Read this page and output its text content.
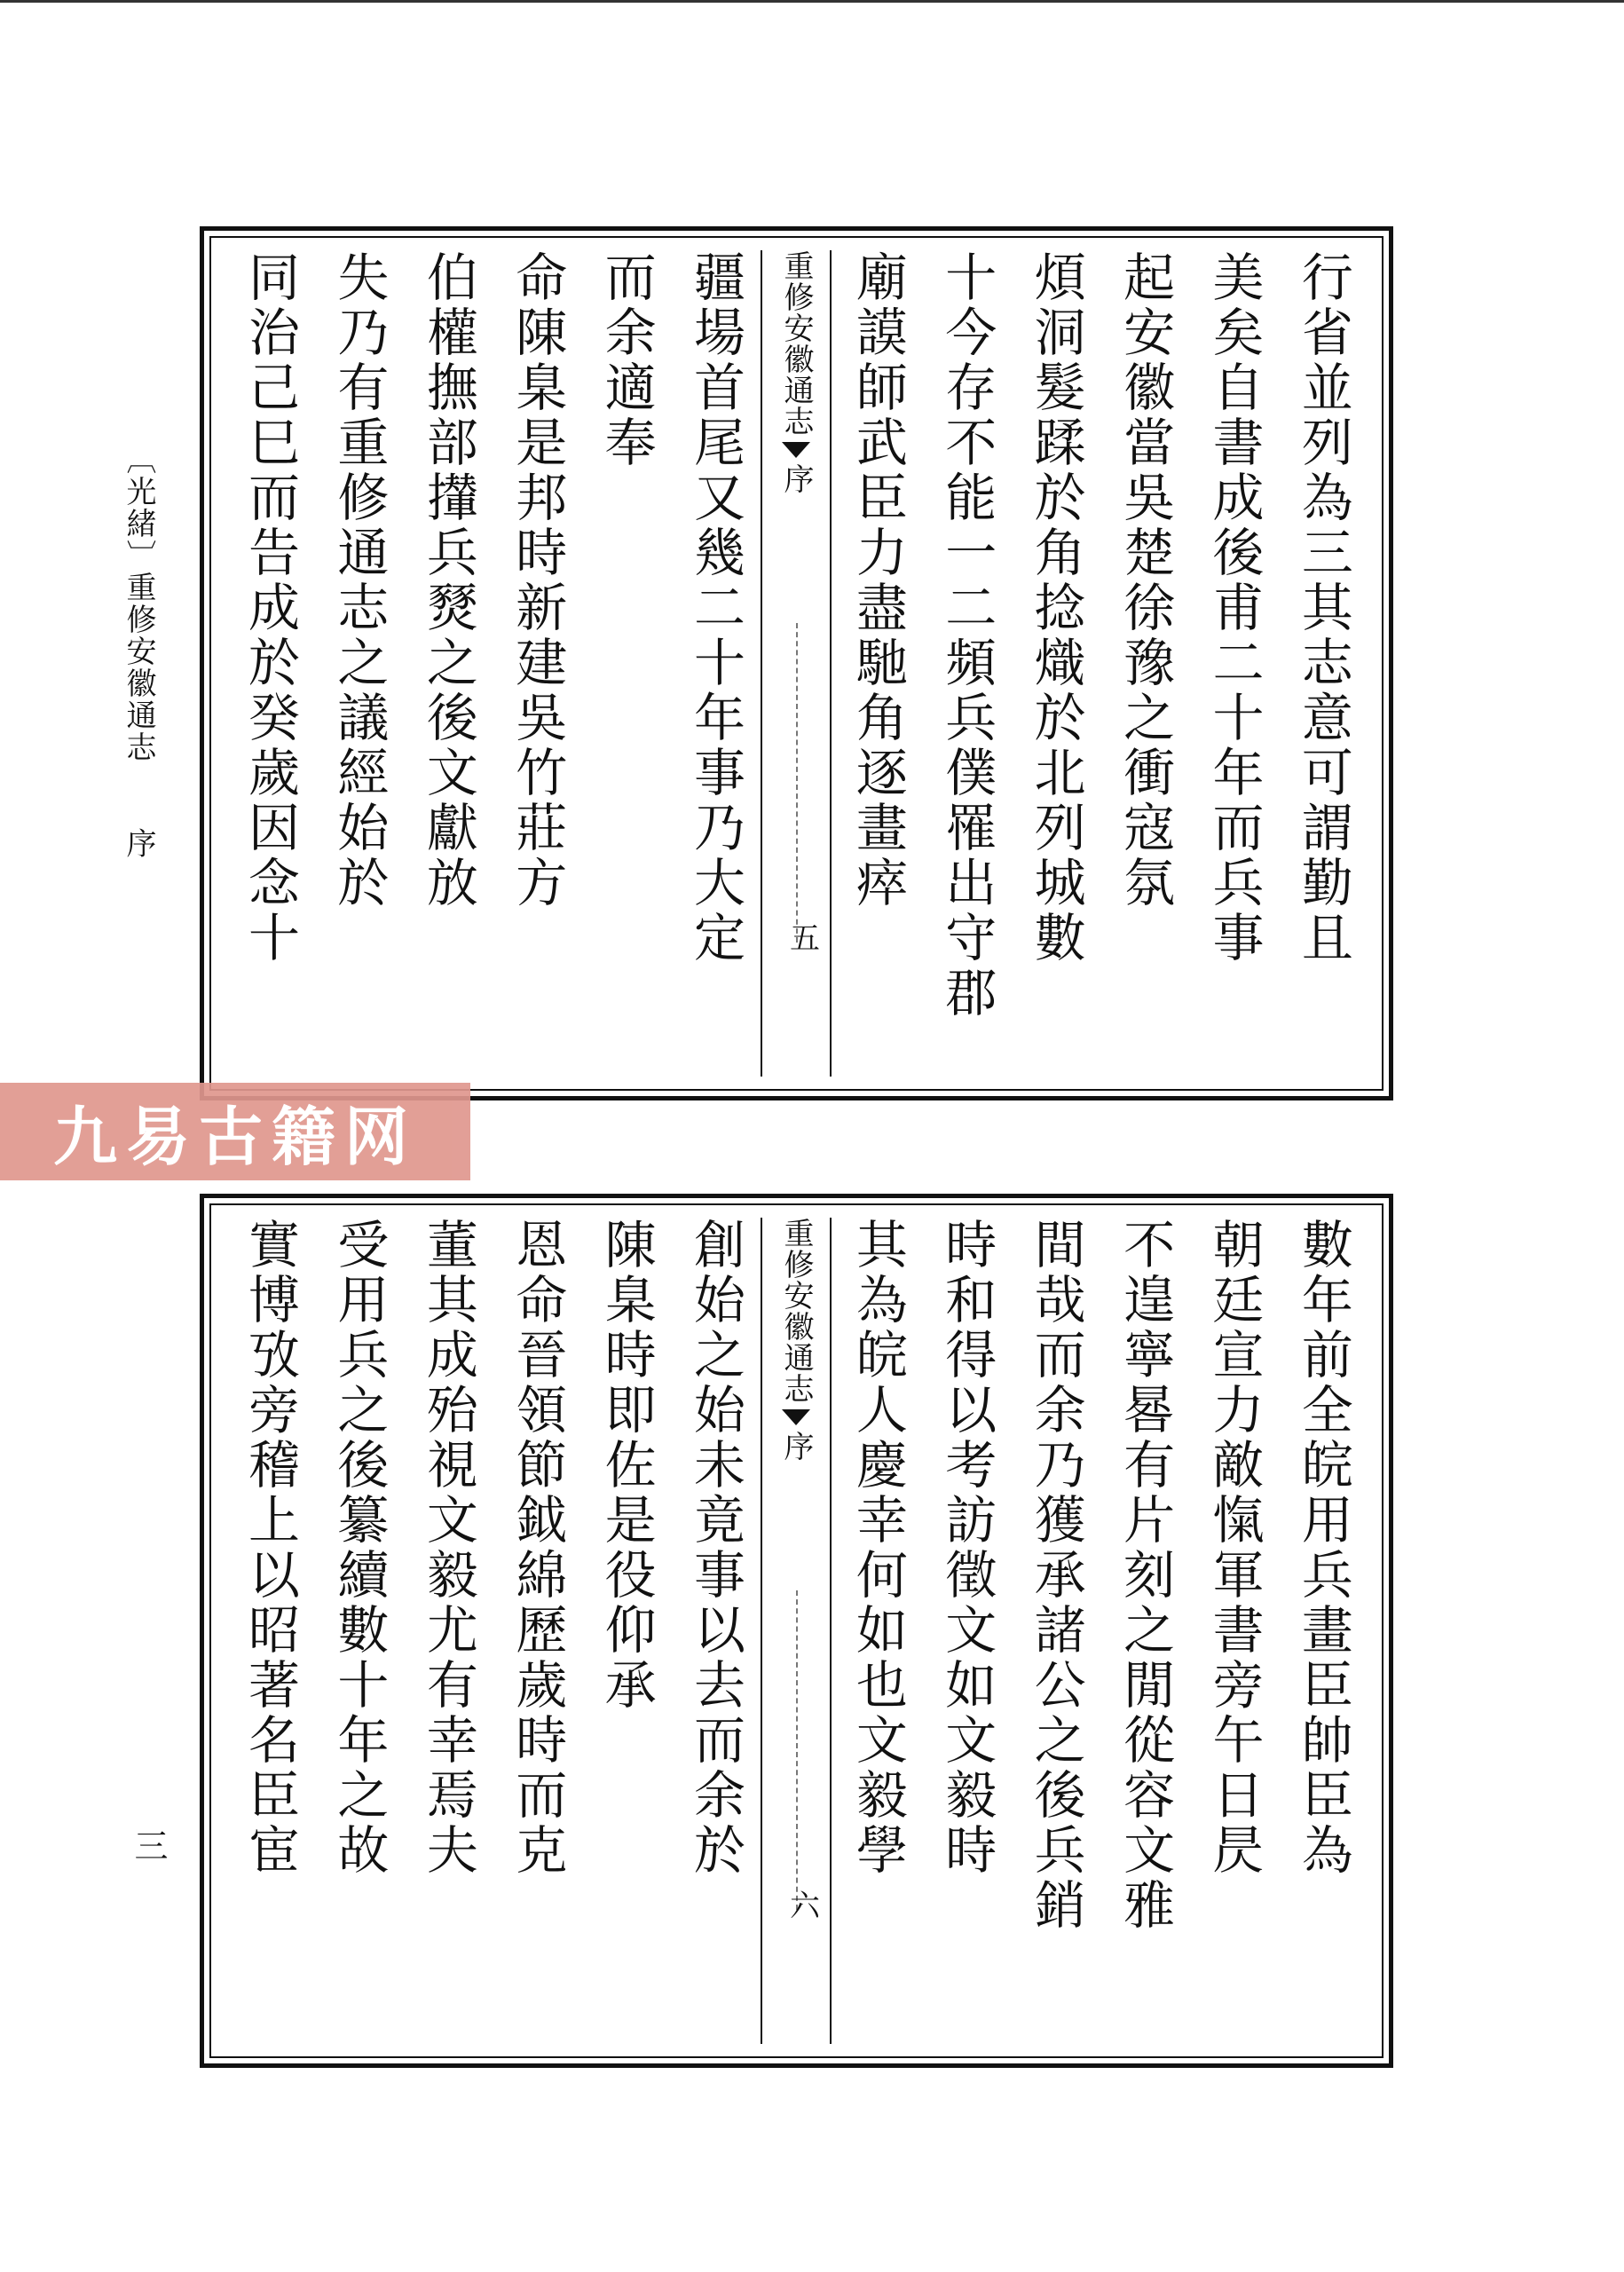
〔光緒〕重修安徽通志 序
三
行省並列為三其志意可謂勤且
美矣自書成後甫二十年而兵事
起安徽當吳楚徐豫之衝寇氛
煩洞髮蹂於角捻熾於北列城數
十今存不能一二頻兵僕罹出守郡
廟謨師武臣力盡馳角逐畫瘁
重修安徽通志
序
五
疆場首尾又幾二十年事乃大定
而余適奉
命陳臬是邦時新建吳竹莊方
伯權撫部攆兵燹之後文獻放
失乃有重修通志之議經始於
同治己巳而告成於癸歲因念十
數年前全皖用兵畫臣帥臣為
朝廷宣力敵愾軍書旁午日昃
不遑寧晷有片刻之閒從容文雅
間哉而余乃獲承諸公之後兵銷
時和得以考訪徵文如文毅時
其為皖人慶幸何如也文毅學
重修安徽通志
序
六
創始之始未竟事以去而余於
陳臬時即佐是役仰承
恩命晉領節鉞綿歷歲時而克
董其成殆視文毅尤有幸焉夫
受用兵之後纂續數十年之故
實博攷旁稽上以昭著名臣宦
九易古籍网
